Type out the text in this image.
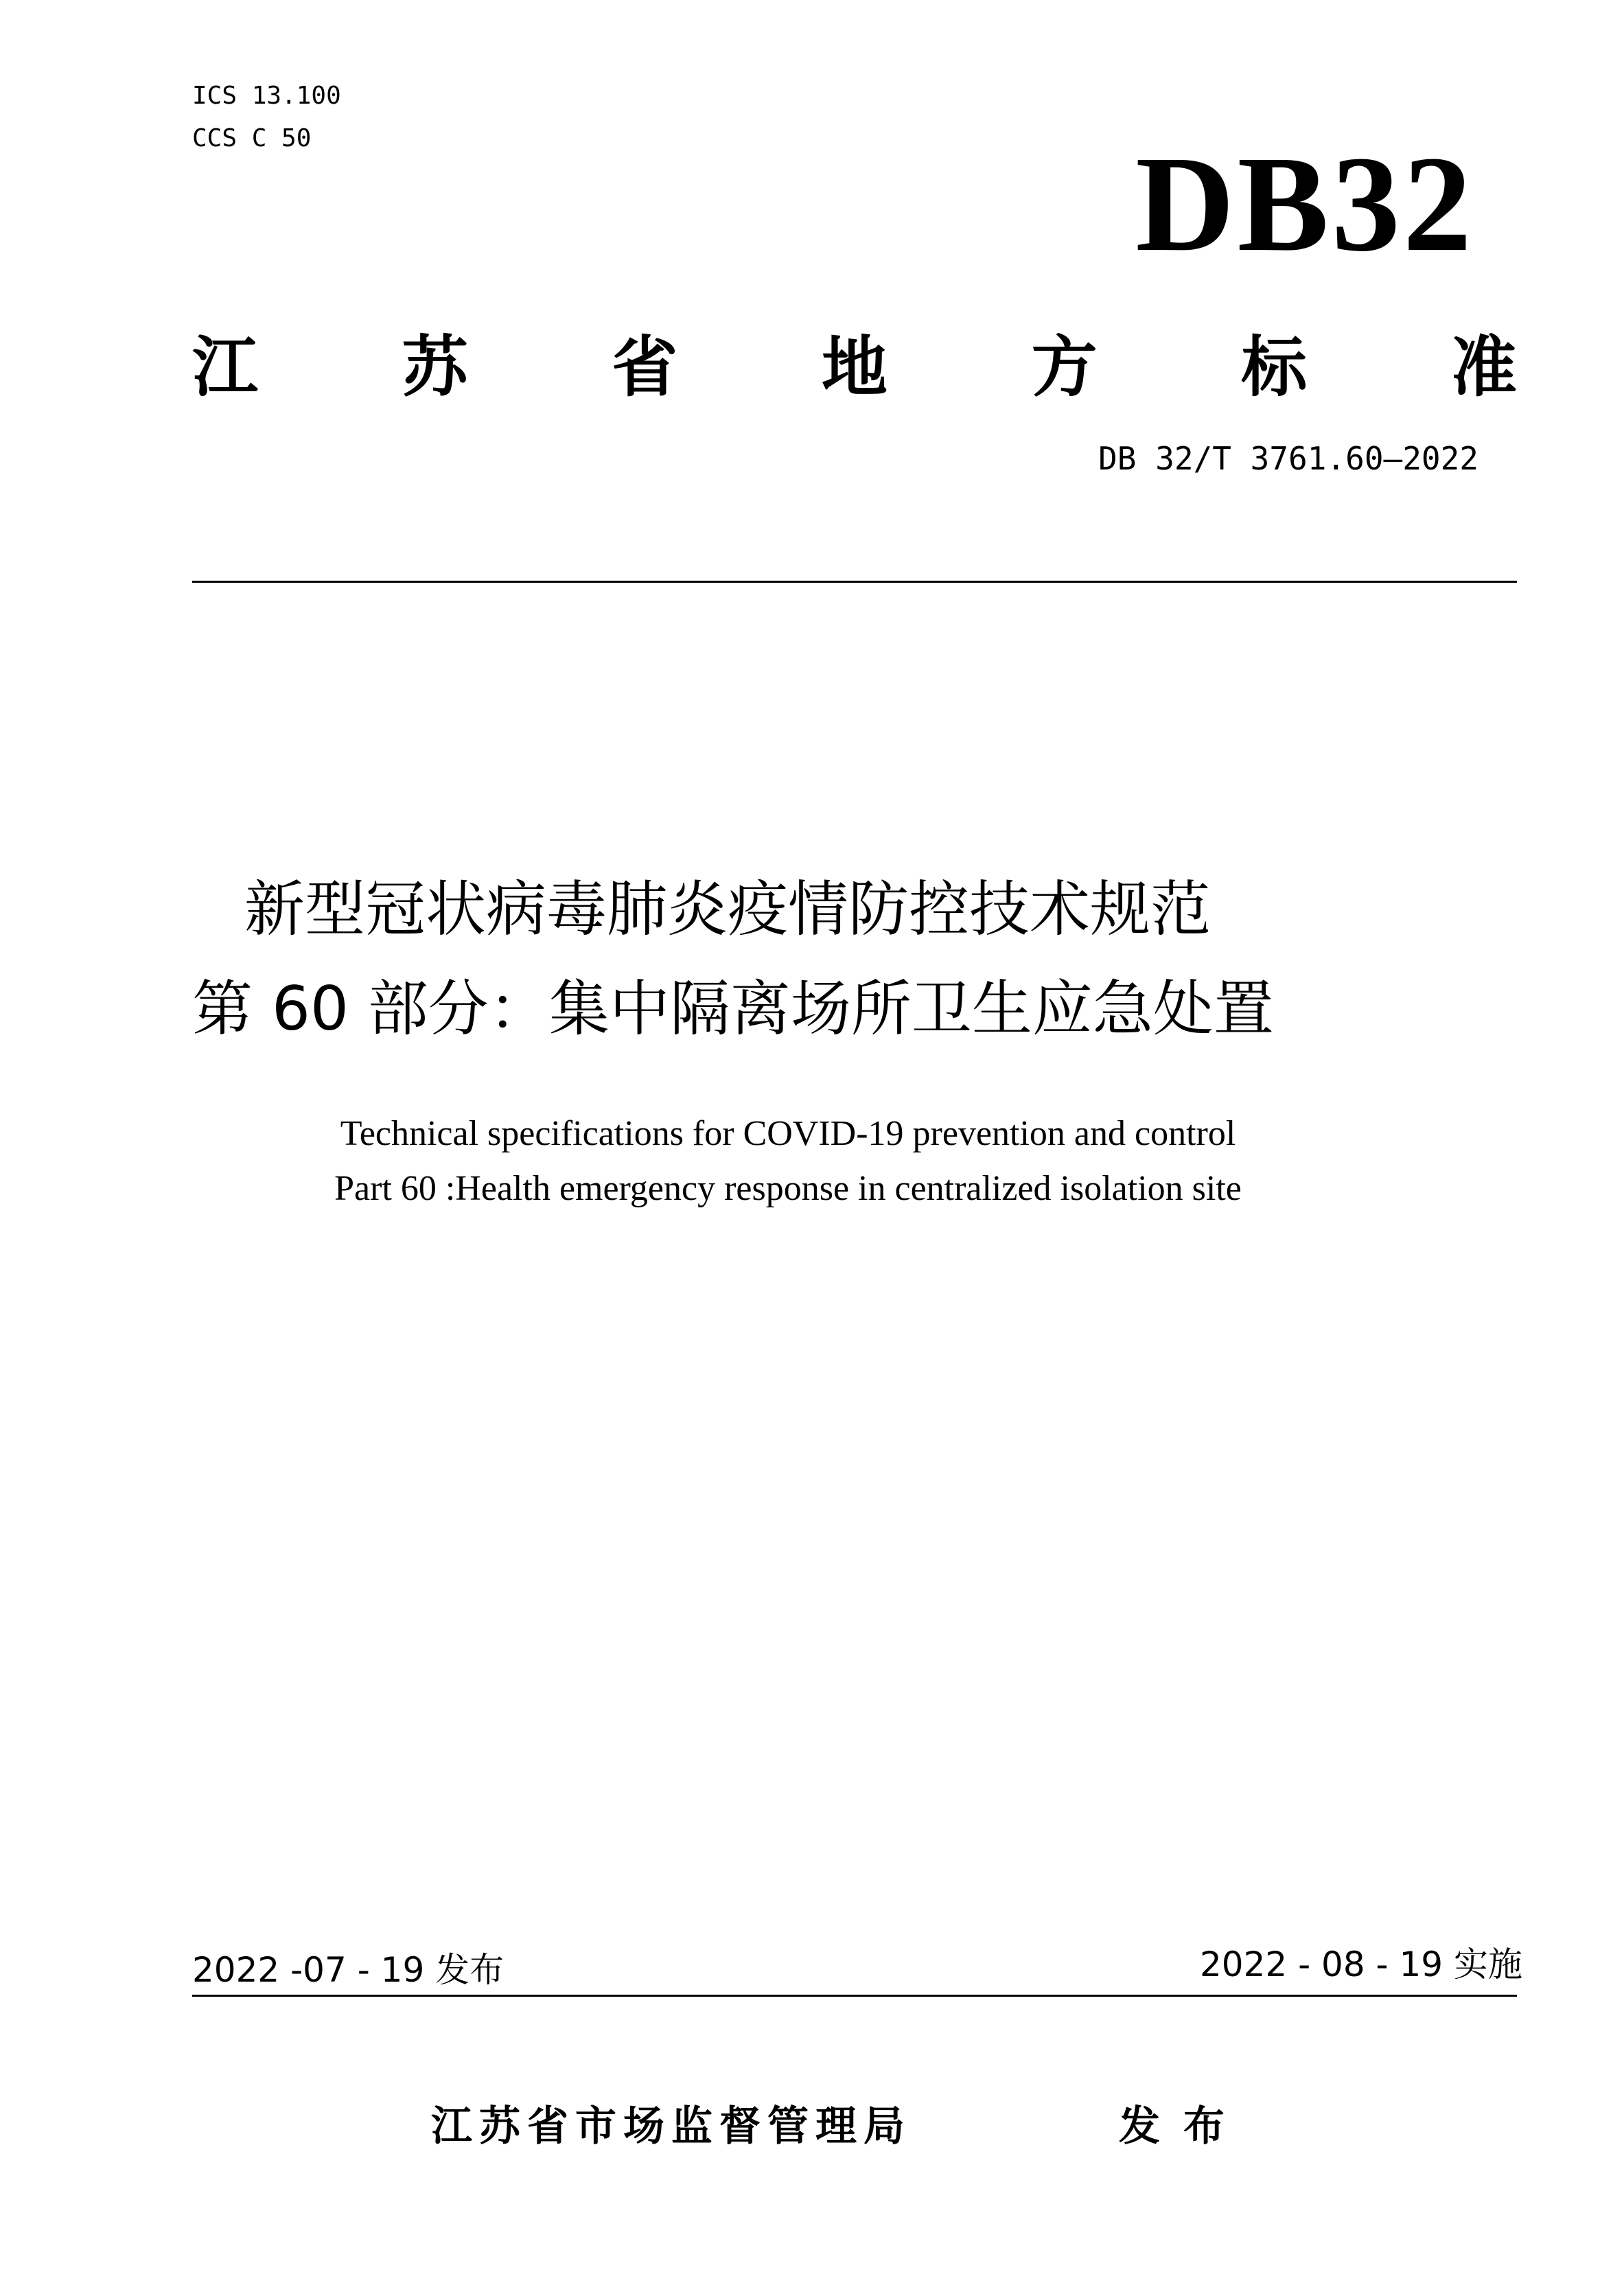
ICS 13.100
CCS C 50	DB32
江 苏 省 地 方 标 准
DB 32/T 3761.60—2022
新型冠状病毒肺炎疫情防控技术规范
第 60 部分：集中隔离场所卫生应急处置
Technical specifications for COVID-19 prevention and control
Part 60 :Health emergency response in centralized isolation site
2022 -07 - 19 发布	2022 - 08 - 19 实施
江苏省市场监督管理局	发布
